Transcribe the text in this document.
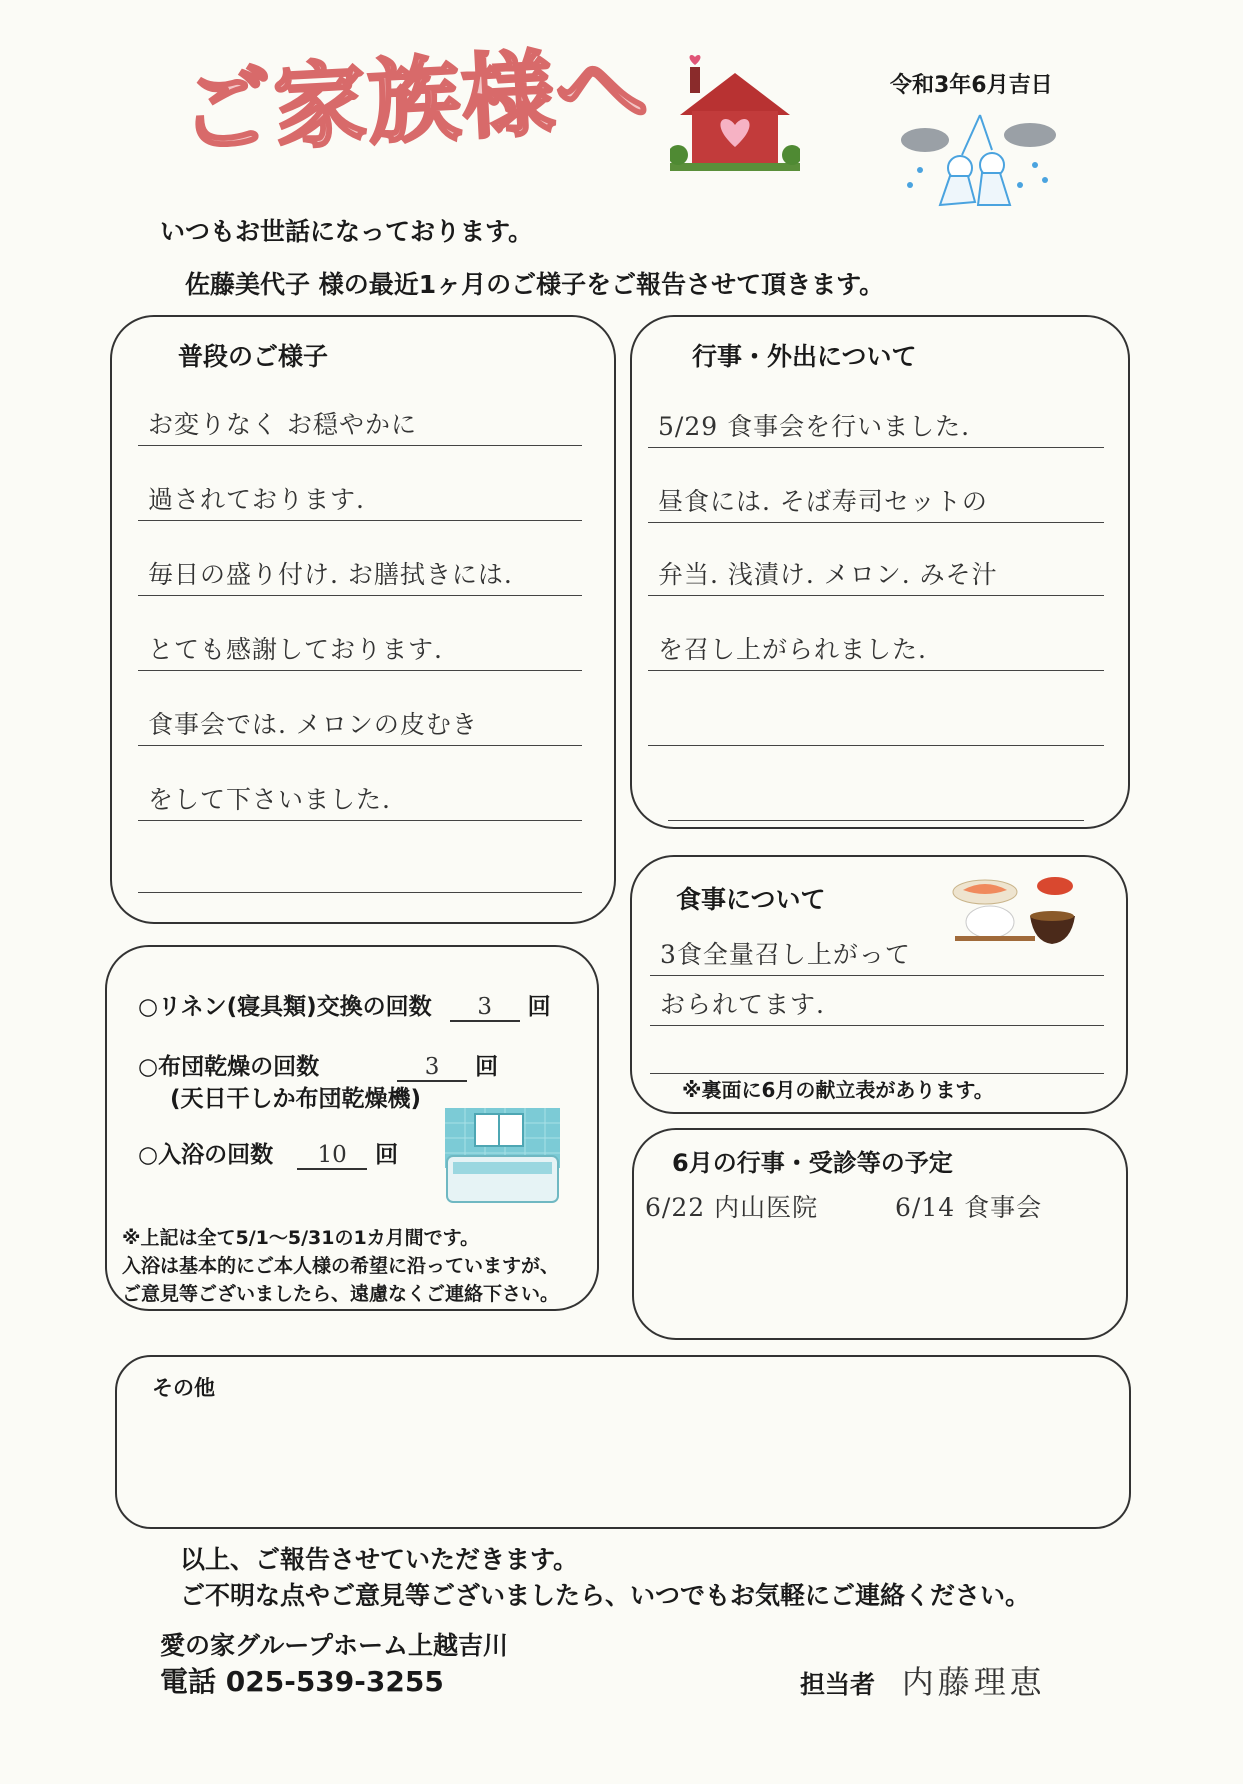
ご家族様へ	令和3年6月吉日
いつもお世話になっております。
佐藤美代子 様の最近1ヶ月のご様子をご報告させて頂きます。
普段のご様子
お変りなく お穏やかに
過されております.
毎日の盛り付け. お膳拭きには.
とても感謝しております.
食事会では. メロンの皮むき
をして下さいました.
行事・外出について
5/29 食事会を行いました.
昼食には. そば寿司セットの
弁当. 浅漬け. メロン. みそ汁
を召し上がられました.
○リネン(寝具類)交換の回数 3 回
○布団乾燥の回数	3 回
(天日干しか布団乾燥機)
○入浴の回数 10 回
※上記は全て5/1～5/31の1カ月間です。
入浴は基本的にご本人様の希望に沿っていますが、
ご意見等ございましたら、遠慮なくご連絡下さい。
食事について
3食全量召し上がって
おられてます.
※裏面に6月の献立表があります。
6月の行事・受診等の予定
6/22 内山医院	6/14 食事会
その他
以上、ご報告させていただきます。
ご不明な点やご意見等ございましたら、いつでもお気軽にご連絡ください。
愛の家グループホーム上越吉川
電話 025-539-3255	担当者 内藤理恵
